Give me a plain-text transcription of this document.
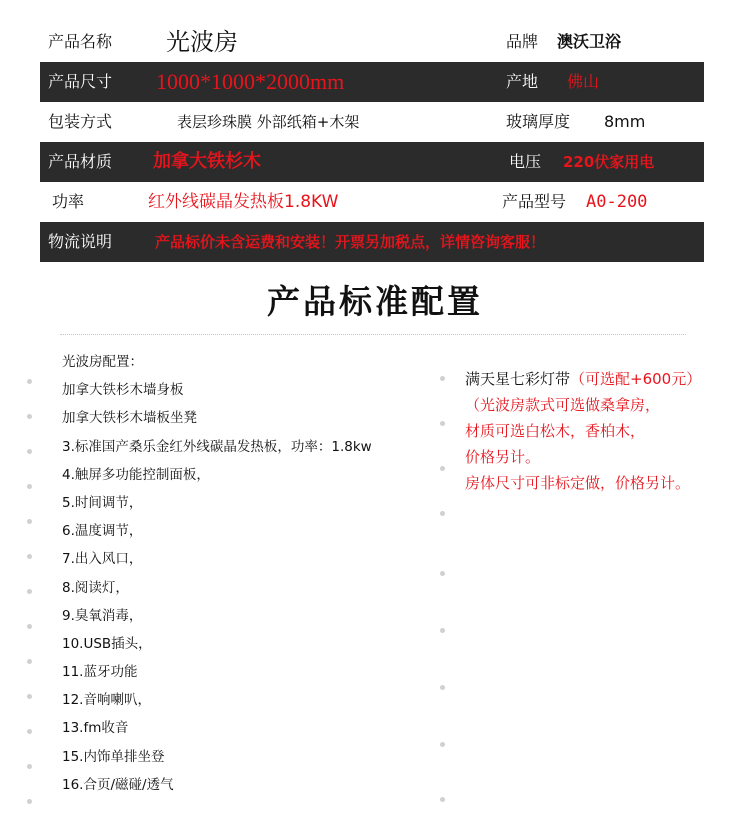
产品名称 光波房	品牌 澳沃卫浴
产品尺寸 1000*1000*2000mm	产地 佛山
包装方式	表层珍珠膜 外部纸箱+木架	玻璃厚度 8mm
产品材质 加拿大铁杉木	电压 220伏家用电
功率	红外线碳晶发热板1.8KW	产品型号 A0-200
物流说明	产品标价未含运费和安装！开票另加税点，详情咨询客服！
产品标准配置
光波房配置：
加拿大铁杉木墙身板
加拿大铁杉木墙板坐凳
3.标准国产桑乐金红外线碳晶发热板，功率：1.8kw
4.触屏多功能控制面板，
5.时间调节，
6.温度调节，
7.出入风口，
8.阅读灯，
9.臭氧消毒，
10.USB插头，
11.蓝牙功能
12.音响喇叭，
13.fm收音
15.内饰单排坐登
16.合页/磁碰/透气
满天星七彩灯带（可选配+600元）
（光波房款式可选做桑拿房，
材质可选白松木，香柏木，
价格另计。
房体尺寸可非标定做，价格另计。
